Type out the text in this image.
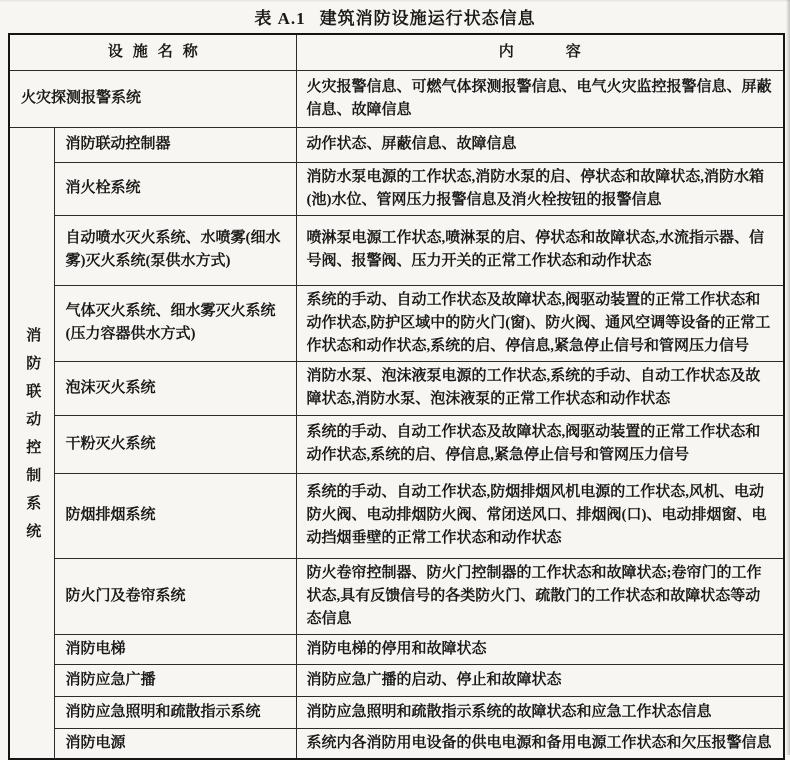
表 A.1 建筑消防设施运行状态信息
设施名称		内容
火灾探测报警系统		火灾报警信息、可燃气体探测报警信息、电气火灾监控报警信息、屏蔽信息、故障信息
消防联动控制系统	消防联动控制器	动作状态、屏蔽信息、故障信息
	消火栓系统	消防水泵电源的工作状态,消防水泵的启、停状态和故障状态,消防水箱(池)水位、管网压力报警信息及消火栓按钮的报警信息
	自动喷水灭火系统、水喷雾(细水雾)灭火系统(泵供水方式)	喷淋泵电源工作状态,喷淋泵的启、停状态和故障状态,水流指示器、信号阀、报警阀、压力开关的正常工作状态和动作状态
	气体灭火系统、细水雾灭火系统(压力容器供水方式)	系统的手动、自动工作状态及故障状态,阀驱动装置的正常工作状态和动作状态,防护区域中的防火门(窗)、防火阀、通风空调等设备的正常工作状态和动作状态,系统的启、停信息,紧急停止信号和管网压力信号
	泡沫灭火系统	消防水泵、泡沫液泵电源的工作状态,系统的手动、自动工作状态及故障状态,消防水泵、泡沫液泵的正常工作状态和动作状态
	干粉灭火系统	系统的手动、自动工作状态及故障状态,阀驱动装置的正常工作状态和动作状态,系统的启、停信息,紧急停止信号和管网压力信号
	防烟排烟系统	系统的手动、自动工作状态,防烟排烟风机电源的工作状态,风机、电动防火阀、电动排烟防火阀、常闭送风口、排烟阀(口)、电动排烟窗、电动挡烟垂壁的正常工作状态和动作状态
	防火门及卷帘系统	防火卷帘控制器、防火门控制器的工作状态和故障状态;卷帘门的工作状态,具有反馈信号的各类防火门、疏散门的工作状态和故障状态等动态信息
	消防电梯	消防电梯的停用和故障状态
	消防应急广播	消防应急广播的启动、停止和故障状态
	消防应急照明和疏散指示系统	消防应急照明和疏散指示系统的故障状态和应急工作状态信息
	消防电源	系统内各消防用电设备的供电电源和备用电源工作状态和欠压报警信息
